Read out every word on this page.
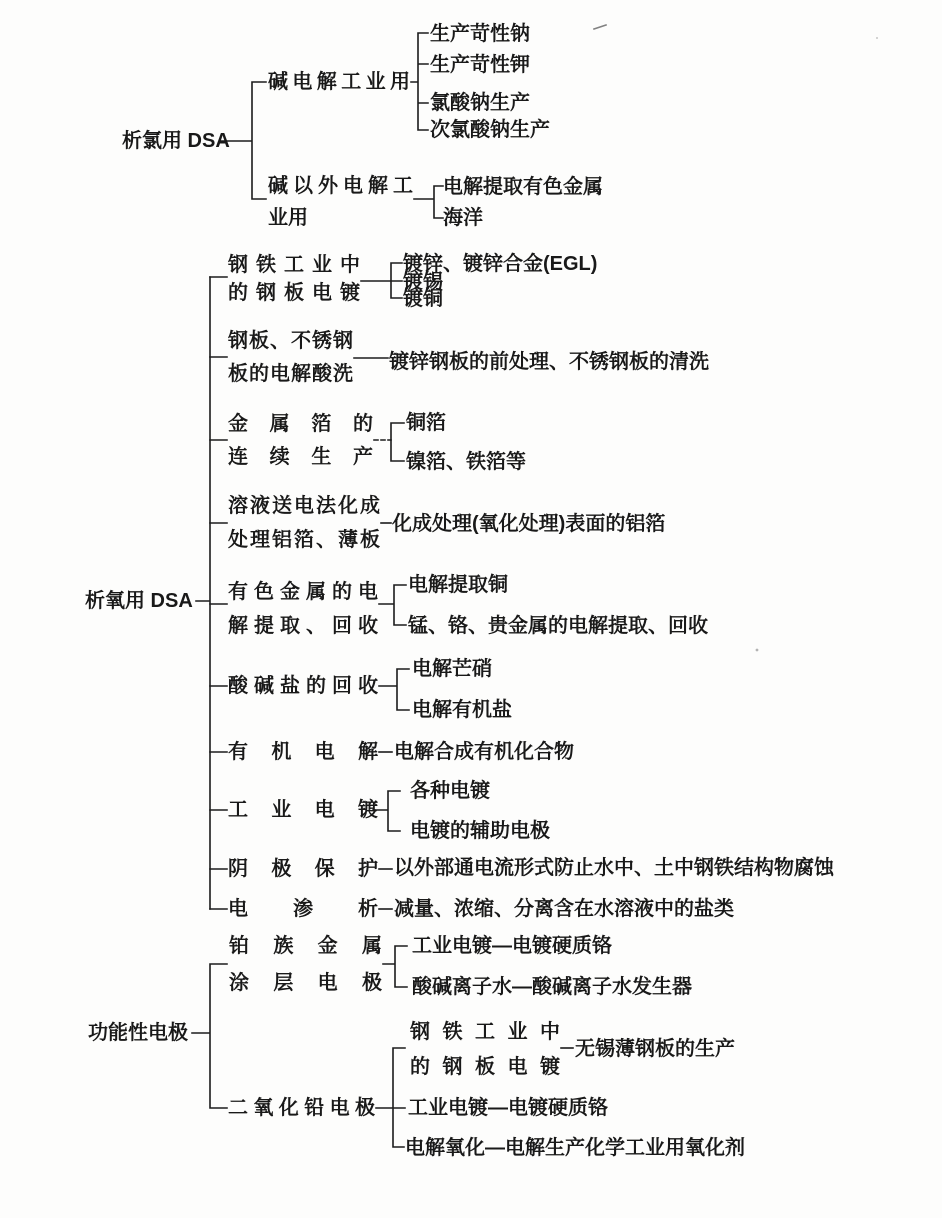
析氯用 DSA
碱电解工业用
生产苛性钠
生产苛性钾
氯酸钠生产
次氯酸钠生产
碱以外电解工
业用
电解提取有色金属
海洋
析氧用 DSA
钢铁工业中
的钢板电镀
镀锌、镀锌合金(EGL)
镀锡
镀铜
钢板、不锈钢
板的电解酸洗
镀锌钢板的前处理、不锈钢板的清洗
金属箔的
连续生产
铜箔
镍箔、铁箔等
溶液送电法化成
处理铝箔、薄板
化成处理(氧化处理)表面的铝箔
有色金属的电
解提取、回收
电解提取铜
锰、铬、贵金属的电解提取、回收
酸碱盐的回收
电解芒硝
电解有机盐
有机电解 电解合成有机化合物
工业电镀
各种电镀
电镀的辅助电极
阴极保护 以外部通电流形式防止水中、土中钢铁结构物腐蚀
电渗析 减量、浓缩、分离含在水溶液中的盐类
功能性电极
铂族金属
涂层电极
工业电镀—电镀硬质铬
酸碱离子水—酸碱离子水发生器
二氧化铅电极
钢铁工业中
的钢板电镀
无锡薄钢板的生产
工业电镀—电镀硬质铬
电解氧化—电解生产化学工业用氧化剂
